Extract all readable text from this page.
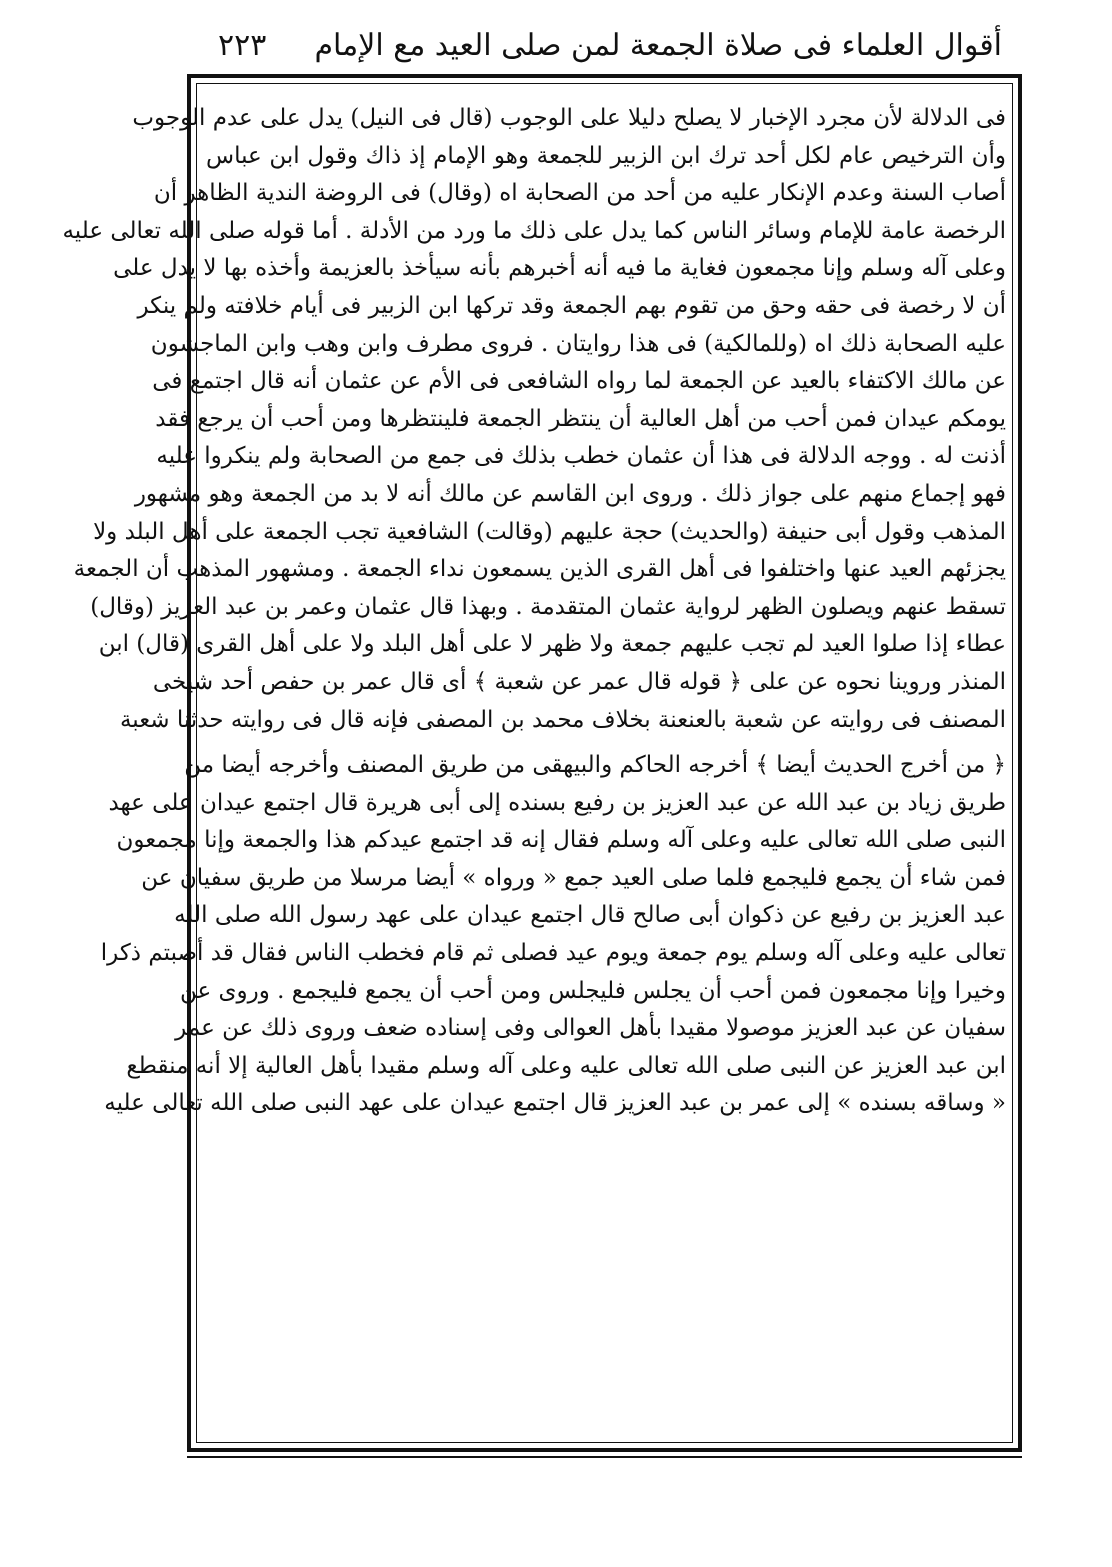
أقوال العلماء فى صلاة الجمعة لمن صلى العيد مع الإمام
٢٢٣
فى الدلالة لأن مجرد الإخبار لا يصلح دليلا على الوجوب (قال فى النيل) يدل على عدم الوجوب
وأن الترخيص عام لكل أحد ترك ابن الزبير للجمعة وهو الإمام إذ ذاك وقول ابن عباس
أصاب السنة وعدم الإنكار عليه من أحد من الصحابة اه (وقال) فى الروضة الندية الظاهر أن
الرخصة عامة للإمام وسائر الناس كما يدل على ذلك ما ورد من الأدلة . أما قوله صلى الله تعالى عليه
وعلى آله وسلم وإنا مجمعون فغاية ما فيه أنه أخبرهم بأنه سيأخذ بالعزيمة وأخذه بها لا يدل على
أن لا رخصة فى حقه وحق من تقوم بهم الجمعة وقد تركها ابن الزبير فى أيام خلافته ولم ينكر
عليه الصحابة ذلك اه (وللمالكية) فى هذا روايتان . فروى مطرف وابن وهب وابن الماجشون
عن مالك الاكتفاء بالعيد عن الجمعة لما رواه الشافعى فى الأم عن عثمان أنه قال اجتمع فى
يومكم عيدان فمن أحب من أهل العالية أن ينتظر الجمعة فلينتظرها ومن أحب أن يرجع فقد
أذنت له . ووجه الدلالة فى هذا أن عثمان خطب بذلك فى جمع من الصحابة ولم ينكروا عليه
فهو إجماع منهم على جواز ذلك . وروى ابن القاسم عن مالك أنه لا بد من الجمعة وهو مشهور
المذهب وقول أبى حنيفة (والحديث) حجة عليهم (وقالت) الشافعية تجب الجمعة على أهل البلد ولا
يجزئهم العيد عنها واختلفوا فى أهل القرى الذين يسمعون نداء الجمعة . ومشهور المذهب أن الجمعة
تسقط عنهم ويصلون الظهر لرواية عثمان المتقدمة . وبهذا قال عثمان وعمر بن عبد العزيز (وقال)
عطاء إذا صلوا العيد لم تجب عليهم جمعة ولا ظهر لا على أهل البلد ولا على أهل القرى (قال) ابن
المنذر وروينا نحوه عن على ﴿ قوله قال عمر عن شعبة ﴾ أى قال عمر بن حفص أحد شيخى
المصنف فى روايته عن شعبة بالعنعنة بخلاف محمد بن المصفى فإنه قال فى روايته حدثنا شعبة
﴿ من أخرج الحديث أيضا ﴾ أخرجه الحاكم والبيهقى من طريق المصنف وأخرجه أيضا من
طريق زياد بن عبد الله عن عبد العزيز بن رفيع بسنده إلى أبى هريرة قال اجتمع عيدان على عهد
النبى صلى الله تعالى عليه وعلى آله وسلم فقال إنه قد اجتمع عيدكم هذا والجمعة وإنا مجمعون
فمن شاء أن يجمع فليجمع فلما صلى العيد جمع « ورواه » أيضا مرسلا من طريق سفيان عن
عبد العزيز بن رفيع عن ذكوان أبى صالح قال اجتمع عيدان على عهد رسول الله صلى الله
تعالى عليه وعلى آله وسلم يوم جمعة ويوم عيد فصلى ثم قام فخطب الناس فقال قد أصبتم ذكرا
وخيرا وإنا مجمعون فمن أحب أن يجلس فليجلس ومن أحب أن يجمع فليجمع . وروى عن
سفيان عن عبد العزيز موصولا مقيدا بأهل العوالى وفى إسناده ضعف وروى ذلك عن عمر
ابن عبد العزيز عن النبى صلى الله تعالى عليه وعلى آله وسلم مقيدا بأهل العالية إلا أنه منقطع
« وساقه بسنده » إلى عمر بن عبد العزيز قال اجتمع عيدان على عهد النبى صلى الله تعالى عليه
